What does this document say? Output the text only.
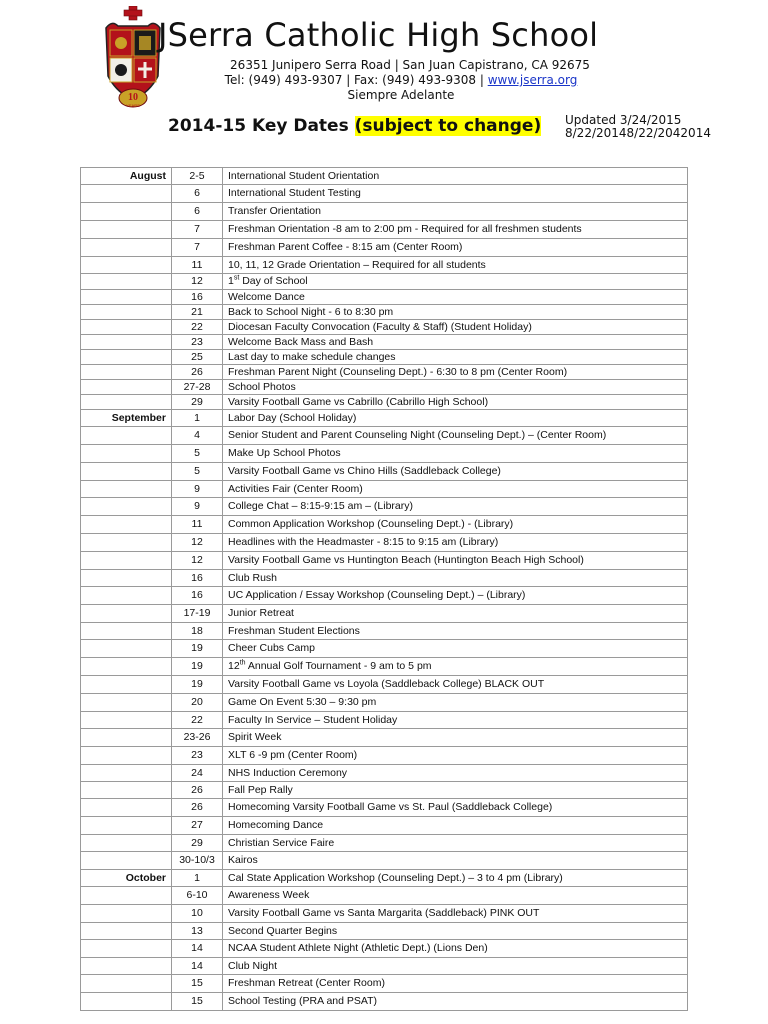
10
YEARS
JSerra Catholic High School
26351 Junipero Serra Road | San Juan Capistrano, CA 92675
Tel: (949) 493-9307 | Fax: (949) 493-9308 | www.jserra.org
Siempre Adelante
2014-15 Key Dates (subject to change) Updated 3/24/2015
8/22/20148/22/2042014
August	2-5	International Student Orientation
	6	International Student Testing
	6	Transfer Orientation
	7	Freshman Orientation -8 am to 2:00 pm - Required for all freshmen students
	7	Freshman Parent Coffee - 8:15 am (Center Room)
	11	10, 11, 12 Grade Orientation – Required for all students
	12	1st Day of School
	16	Welcome Dance
	21	Back to School Night - 6 to 8:30 pm
	22	Diocesan Faculty Convocation (Faculty & Staff) (Student Holiday)
	23	Welcome Back Mass and Bash
	25	Last day to make schedule changes
	26	Freshman Parent Night (Counseling Dept.) - 6:30 to 8 pm (Center Room)
	27-28	School Photos
	29	Varsity Football Game vs Cabrillo (Cabrillo High School)
September	1	Labor Day (School Holiday)
	4	Senior Student and Parent Counseling Night (Counseling Dept.) – (Center Room)
	5	Make Up School Photos
	5	Varsity Football Game vs Chino Hills (Saddleback College)
	9	Activities Fair (Center Room)
	9	College Chat – 8:15-9:15 am – (Library)
	11	Common Application Workshop (Counseling Dept.) - (Library)
	12	Headlines with the Headmaster - 8:15 to 9:15 am (Library)
	12	Varsity Football Game vs Huntington Beach (Huntington Beach High School)
	16	Club Rush
	16	UC Application / Essay Workshop (Counseling Dept.) – (Library)
	17-19	Junior Retreat
	18	Freshman Student Elections
	19	Cheer Cubs Camp
	19	12th Annual Golf Tournament - 9 am to 5 pm
	19	Varsity Football Game vs Loyola (Saddleback College) BLACK OUT
	20	Game On Event 5:30 – 9:30 pm
	22	Faculty In Service – Student Holiday
	23-26	Spirit Week
	23	XLT 6 -9 pm (Center Room)
	24	NHS Induction Ceremony
	26	Fall Pep Rally
	26	Homecoming Varsity Football Game vs St. Paul (Saddleback College)
	27	Homecoming Dance
	29	Christian Service Faire
	30-10/3	Kairos
October	1	Cal State Application Workshop (Counseling Dept.) – 3 to 4 pm (Library)
	6-10	Awareness Week
	10	Varsity Football Game vs Santa Margarita (Saddleback) PINK OUT
	13	Second Quarter Begins
	14	NCAA Student Athlete Night (Athletic Dept.) (Lions Den)
	14	Club Night
	15	Freshman Retreat (Center Room)
	15	School Testing (PRA and PSAT)
